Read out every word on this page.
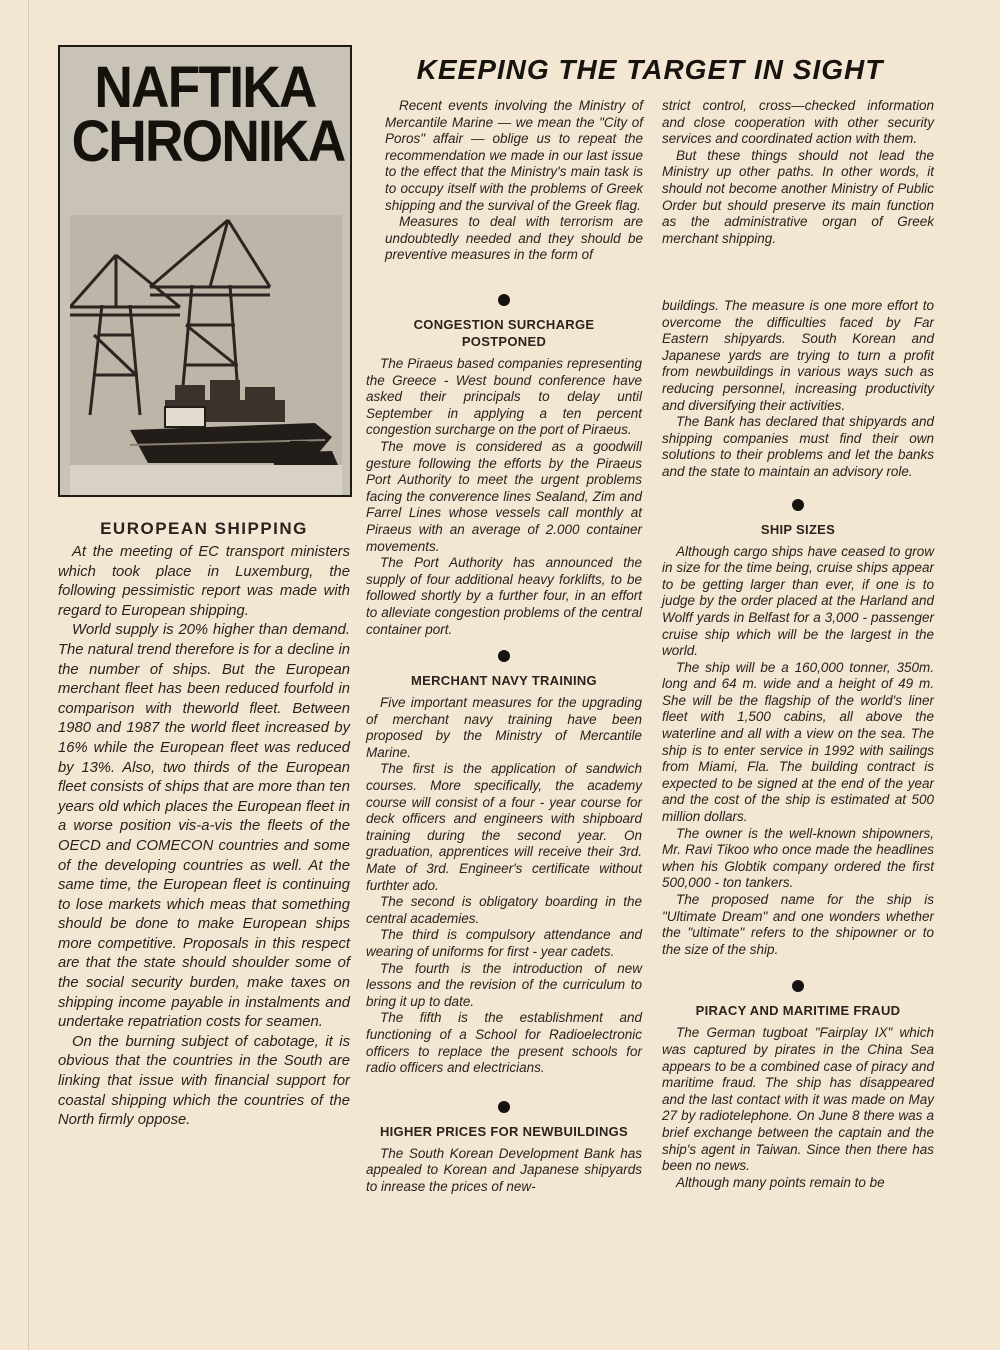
NAFTIKA
CHRONIKA
KEEPING THE TARGET IN SIGHT

Recent events involving the Ministry of Mercantile Marine — we mean the "City of Poros" affair — oblige us to repeat the recommendation we made in our last issue to the effect that the Ministry's main task is to occupy itself with the problems of Greek shipping and the survival of the Greek flag.

Measures to deal with terrorism are undoubtedly needed and they should be preventive measures in the form of

strict control, cross—checked information and close cooperation with other security services and coordinated action with them.

But these things should not lead the Ministry up other paths. In other words, it should not become another Ministry of Public Order but should preserve its main function as the administrative organ of Greek merchant shipping.

EUROPEAN SHIPPING

At the meeting of EC transport ministers which took place in Luxemburg, the following pessimistic report was made with regard to European shipping.

World supply is 20% higher than demand. The natural trend therefore is for a decline in the number of ships. But the European merchant fleet has been reduced fourfold in comparison with theworld fleet. Between 1980 and 1987 the world fleet increased by 16% while the European fleet was reduced by 13%. Also, two thirds of the European fleet consists of ships that are more than ten years old which places the European fleet in a worse position vis-a-vis the fleets of the OECD and COMECON countries and some of the developing countries as well. At the same time, the European fleet is continuing to lose markets which meas that something should be done to make European ships more competitive. Proposals in this respect are that the state should shoulder some of the social security burden, make taxes on shipping income payable in instalments and undertake repatriation costs for seamen.

On the burning subject of cabotage, it is obvious that the countries in the South are linking that issue with financial support for coastal shipping which the countries of the North firmly oppose.

CONGESTION SURCHARGE POSTPONED

The Piraeus based companies representing the Greece - West bound conference have asked their principals to delay until September in applying a ten percent congestion surcharge on the port of Piraeus.

The move is considered as a goodwill gesture following the efforts by the Piraeus Port Authority to meet the urgent problems facing the converence lines Sealand, Zim and Farrel Lines whose vessels call monthly at Piraeus with an average of 2.000 container movements.

The Port Authority has announced the supply of four additional heavy forklifts, to be followed shortly by a further four, in an effort to alleviate congestion problems of the central container port.

MERCHANT NAVY TRAINING

Five important measures for the upgrading of merchant navy training have been proposed by the Ministry of Mercantile Marine.

The first is the application of sandwich courses. More specifically, the academy course will consist of a four - year course for deck officers and engineers with shipboard training during the second year. On graduation, apprentices will receive their 3rd. Mate of 3rd. Engineer's certificate without furthter ado.

The second is obligatory boarding in the central academies.

The third is compulsory attendance and wearing of uniforms for first - year cadets.

The fourth is the introduction of new lessons and the revision of the curriculum to bring it up to date.

The fifth is the establishment and functioning of a School for Radioelectronic officers to replace the present schools for radio officers and electricians.

HIGHER PRICES FOR NEWBUILDINGS

The South Korean Development Bank has appealed to Korean and Japanese shipyards to inrease the prices of new-

buildings. The measure is one more effort to overcome the difficulties faced by Far Eastern shipyards. South Korean and Japanese yards are trying to turn a profit from newbuildings in various ways such as reducing personnel, increasing productivity and diversifying their activities.

The Bank has declared that shipyards and shipping companies must find their own solutions to their problems and let the banks and the state to maintain an advisory role.

SHIP SIZES

Although cargo ships have ceased to grow in size for the time being, cruise ships appear to be getting larger than ever, if one is to judge by the order placed at the Harland and Wolff yards in Belfast for a 3,000 - passenger cruise ship which will be the largest in the world.

The ship will be a 160,000 tonner, 350m. long and 64 m. wide and a height of 49 m. She will be the flagship of the world's liner fleet with 1,500 cabins, all above the waterline and all with a view on the sea. The ship is to enter service in 1992 with sailings from Miami, Fla. The building contract is expected to be signed at the end of the year and the cost of the ship is estimated at 500 million dollars.

The owner is the well-known shipowners, Mr. Ravi Tikoo who once made the headlines when his Globtik company ordered the first 500,000 - ton tankers.

The proposed name for the ship is "Ultimate Dream" and one wonders whether the "ultimate" refers to the shipowner or to the size of the ship.

PIRACY AND MARITIME FRAUD

The German tugboat "Fairplay IX" which was captured by pirates in the China Sea appears to be a combined case of piracy and maritime fraud. The ship has disappeared and the last contact with it was made on May 27 by radiotelephone. On June 8 there was a brief exchange between the captain and the ship's agent in Taiwan. Since then there has been no news.

Although many points remain to be
